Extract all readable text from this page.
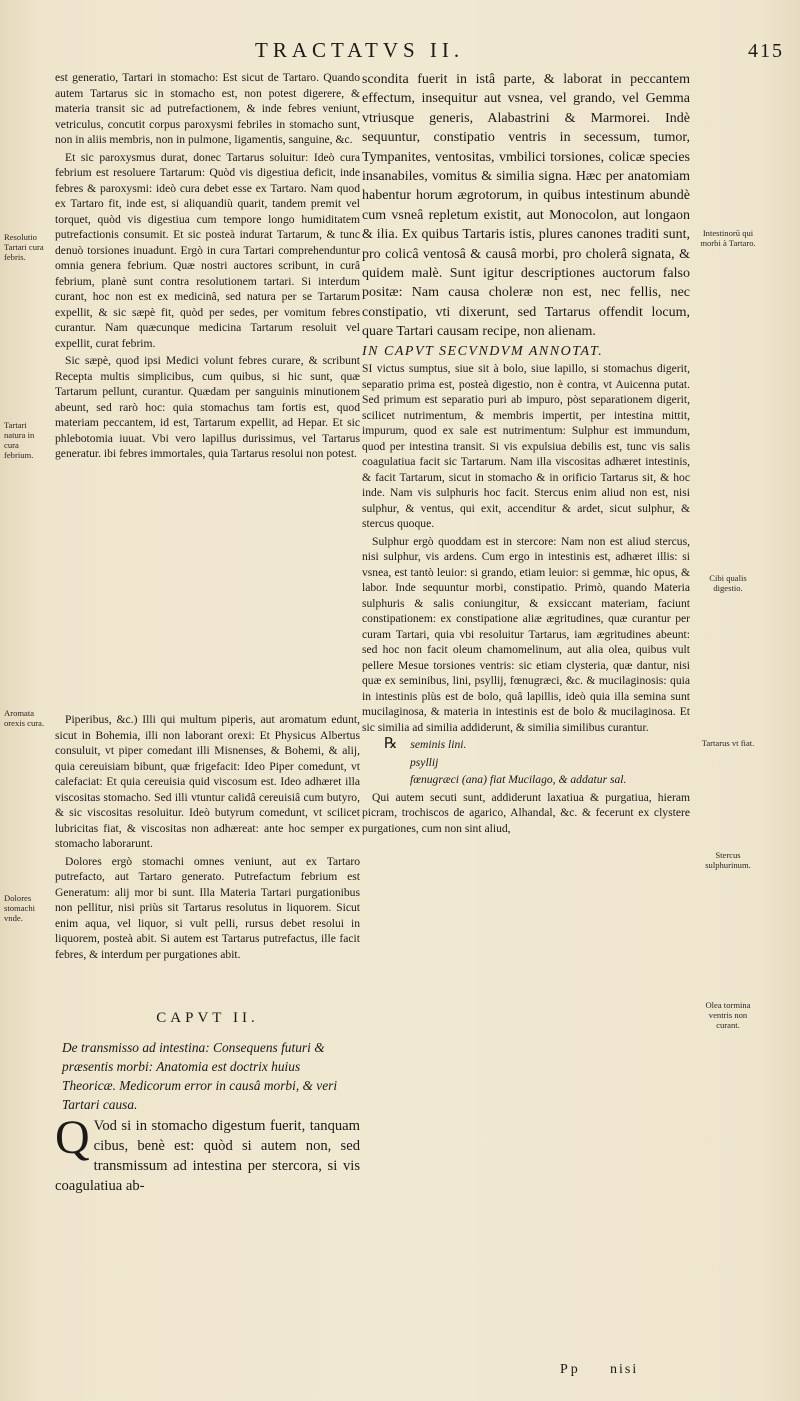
TRACTATVS II.	415
Resolutio Tartari cura febris.
Tartari natura in cura febrium.
Aromata orexis cura.
Dolores stomachi vnde.
Intestinorū qui morbi à Tartaro.
Cibi qualis digestio.
Tartarus vt fiat.
Stercus sulphurinum.
Olea tormina ventris non curant.

est generatio, Tartari in stomacho: Est sicut de Tartaro. Quando autem Tartarus sic in stomacho est, non potest digerere, & materia transit sic ad putrefactionem, & inde febres veniunt, vetriculus, concutit corpus paroxysmi febriles in stomacho sunt, non in aliis membris, non in pulmone, ligamentis, sanguine, &c.

Et sic paroxysmus durat, donec Tartarus soluitur: Ideò cura febrium est resoluere Tartarum: Quòd vis digestiua deficit, inde febres & paroxysmi: ideò cura debet esse ex Tartaro. Nam quod ex Tartaro fit, inde est, si aliquandiù quarit, tandem premit vel torquet, quòd vis digestiua cum tempore longo humiditatem putrefactionis consumit. Et sic posteà indurat Tartarum, & tunc denuò torsiones inuadunt. Ergò in cura Tartari comprehenduntur omnia genera febrium. Quæ nostri auctores scribunt, in curâ febrium, planè sunt contra resolutionem tartari. Si interdum curant, hoc non est ex medicinâ, sed natura per se Tartarum expellit, & sic sæpè fit, quòd per sedes, per vomitum febres curantur. Nam quæcunque medicina Tartarum resoluit vel expellit, curat febrim.

Sic sæpè, quod ipsi Medici volunt febres curare, & scribunt Recepta multis simplicibus, cum quibus, si hic sunt, quæ Tartarum pellunt, curantur. Quædam per sanguinis minutionem abeunt, sed rarò hoc: quia stomachus tam fortis est, quod materiam peccantem, id est, Tartarum expellit, ad Hepar. Et sic phlebotomia iuuat. Vbi vero lapillus durissimus, vel Tartarus generatur. ibi febres immortales, quia Tartarus resolui non potest.

Piperibus, &c.) Illi qui multum piperis, aut aromatum edunt, sicut in Bohemia, illi non laborant orexi: Et Physicus Albertus consuluit, vt piper comedant illi Misnenses, & Bohemi, & alij, quia cereuisiam bibunt, quæ frigefacit: Ideo Piper comedunt, vt calefaciat: Et quia cereuisia quid viscosum est. Ideo adhæret illa viscositas stomacho. Sed illi vtuntur calidâ cereuisiâ cum butyro, & sic viscositas resoluitur. Ideò butyrum comedunt, vt scilicet lubricitas fiat, & viscositas non adhæreat: ante hoc semper ex stomacho laborarunt.

Dolores ergò stomachi omnes veniunt, aut ex Tartaro putrefacto, aut Tartaro generato. Putrefactum febrium est Generatum: alij mor bi sunt. Illa Materia Tartari purgationibus non pellitur, nisi priùs sit Tartarus resolutus in liquorem. Sicut enim aqua, vel liquor, si vult pelli, rursus debet resolui in liquorem, posteà abit. Si autem est Tartarus putrefactus, ille facit febres, & interdum per purgationes abit.

CAPVT II.
De transmisso ad intestina: Consequens futuri & præsentis morbi: Anatomia est doctrix huius Theoricæ. Medicorum error in causâ morbi, & veri Tartari causa.
Q Vod si in stomacho digestum fuerit, tanquam cibus, benè est: quòd si autem non, sed transmissum ad intestina per stercora, si vis coagulatiua ab-

scondita fuerit in istâ parte, & laborat in peccantem effectum, insequitur aut vsnea, vel grando, vel Gemma vtriusque generis, Alabastrini & Marmorei. Indè sequuntur, constipatio ventris in secessum, tumor, Tympanites, ventositas, vmbilici torsiones, colicæ species insanabiles, vomitus & similia signa. Hæc per anatomiam habentur horum ægrotorum, in quibus intestinum abundè cum vsneâ repletum existit, aut Monocolon, aut longaon & ilia. Ex quibus Tartaris istis, plures canones traditi sunt, pro colicâ ventosâ & causâ morbi, pro cholerâ signata, & quidem malè. Sunt igitur descriptiones auctorum falso positæ: Nam causa choleræ non est, nec fellis, nec constipatio, vti dixerunt, sed Tartarus offendit locum, quare Tartari causam recipe, non alienam.

IN CAPVT SECVNDVM ANNOTAT.

SI victus sumptus, siue sit à bolo, siue lapillo, si stomachus digerit, separatio prima est, posteà digestio, non è contra, vt Auicenna putat. Sed primum est separatio puri ab impuro, pòst separationem digerit, scilicet nutrimentum, & membris impertit, per intestina mittit, impurum, quod ex sale est nutrimentum: Sulphur est immundum, quod per intestina transit. Si vis expulsiua debilis est, tunc vis salis coagulatiua facit sic Tartarum. Nam illa viscositas adhæret intestinis, & facit Tartarum, sicut in stomacho & in orificio Tartarus sit, & hoc inde. Nam vis sulphuris hoc facit. Stercus enim aliud non est, nisi sulphur, & ventus, qui exit, accenditur & ardet, sicut sulphur, & stercus quoque.

Sulphur ergò quoddam est in stercore: Nam non est aliud stercus, nisi sulphur, vis ardens. Cum ergo in intestinis est, adhæret illis: si vsnea, est tantò leuior: si grando, etiam leuior: si gemmæ, hic opus, & labor. Inde sequuntur morbi, constipatio. Primò, quando Materia sulphuris & salis coniungitur, & exsiccant materiam, faciunt constipationem: ex constipatione aliæ ægritudines, quæ curantur per curam Tartari, quia vbi resoluitur Tartarus, iam ægritudines abeunt: sed hoc non facit oleum chamomelinum, aut alia olea, quibus vult pellere Mesue torsiones ventris: sic etiam clysteria, quæ dantur, nisi quæ ex seminibus, lini, psyllij, fœnugræci, &c. & mucilaginosis: quia in intestinis plùs est de bolo, quâ lapillis, ideò quia illa semina sunt mucilaginosa, & materia in intestinis est de bolo & mucilaginosa. Et sic similia ad similia addiderunt, & similia similibus curantur.

℞ seminis lini.

psyllij

fœnugræci (ana) fiat Mucilago, & addatur sal.

Qui autem secuti sunt, addiderunt laxatiua & purgatiua, hieram picram, trochiscos de agarico, Alhandal, &c. & fecerunt ex clystere purgationes, cum non sint aliud,

Pp nisi
